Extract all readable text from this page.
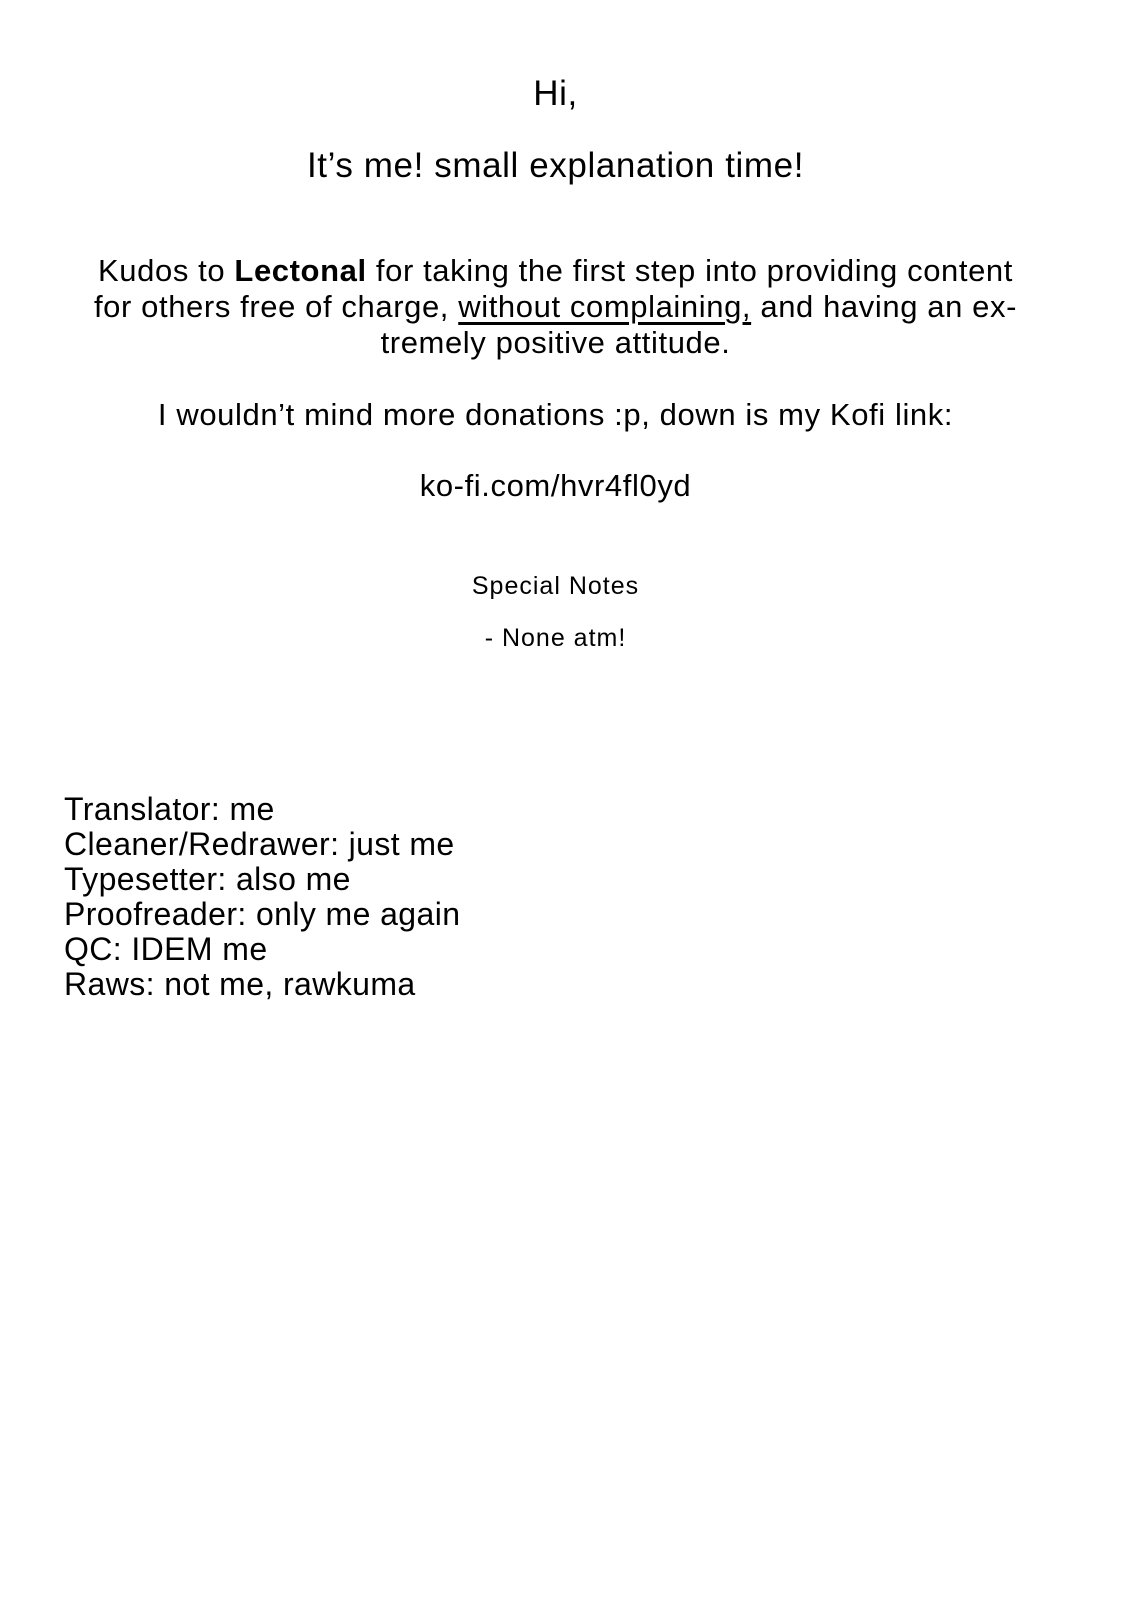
Hi,
It’s me! small explanation time!
Kudos to Lectonal for taking the first step into providing content
for others free of charge, without complaining, and having an ex-
tremely positive attitude.
I wouldn’t mind more donations :p, down is my Kofi link:
ko-fi.com/hvr4fl0yd
Special Notes
- None atm!
Translator: me
Cleaner/Redrawer: just me
Typesetter: also me
Proofreader: only me again
QC: IDEM me
Raws: not me, rawkuma
